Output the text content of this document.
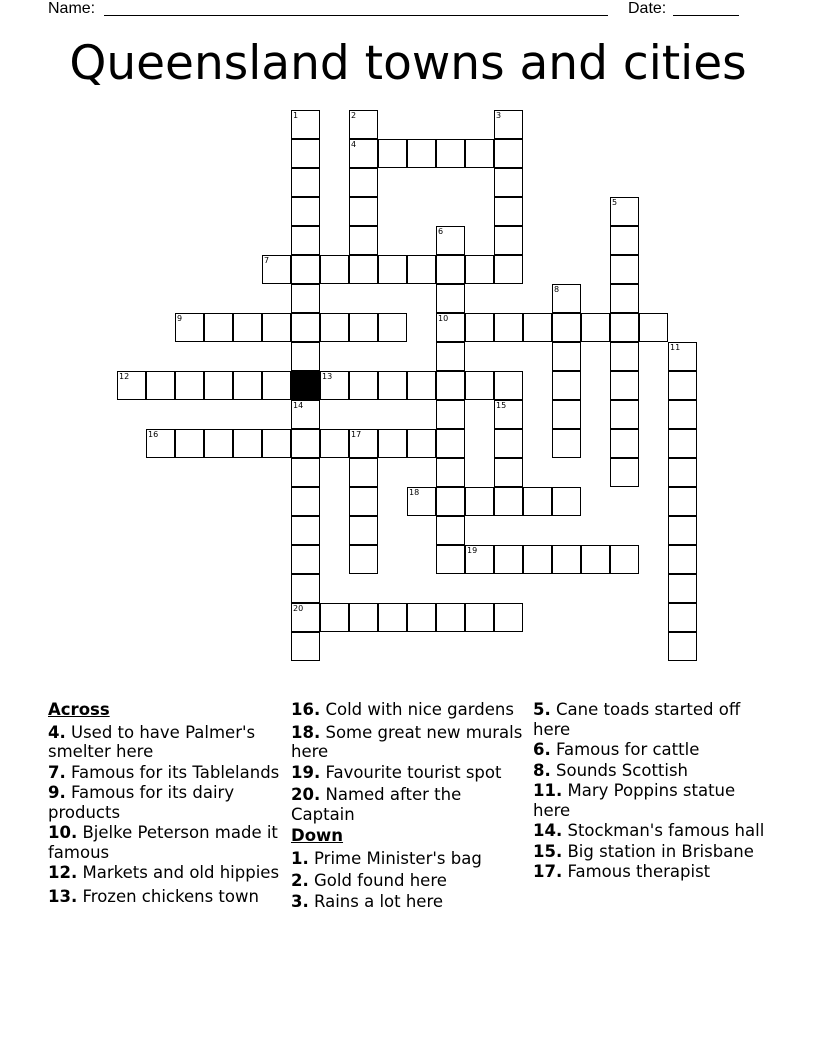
Name:	Date:
Queensland towns and cities
1
14
20
2
4
3
5
6
10
7
8
9
11
12	13
15
16	17
18
19
Across
4. Used to have Palmer's smelter here
7. Famous for its Tablelands
9. Famous for its dairy products
10. Bjelke Peterson made it famous
12. Markets and old hippies
13. Frozen chickens town
16. Cold with nice gardens
18. Some great new murals here
19. Favourite tourist spot
20. Named after the Captain
Down
1. Prime Minister's bag
2. Gold found here
3. Rains a lot here
5. Cane toads started off here
6. Famous for cattle
8. Sounds Scottish
11. Mary Poppins statue here
14. Stockman's famous hall
15. Big station in Brisbane
17. Famous therapist
